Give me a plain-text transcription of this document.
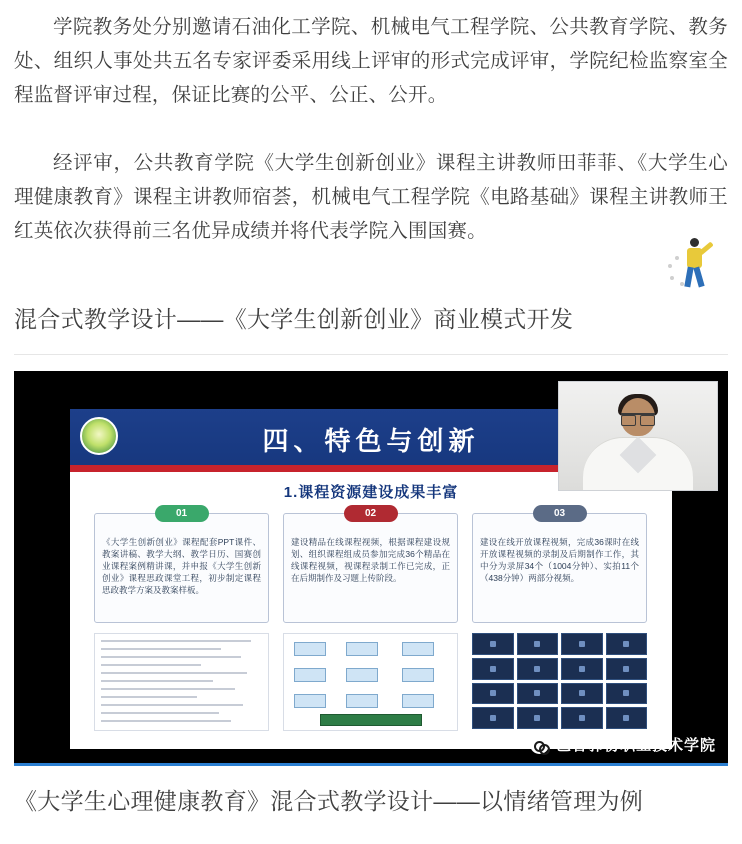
学院教务处分别邀请石油化工学院、机械电气工程学院、公共教育学院、教务处、组织人事处共五名专家评委采用线上评审的形式完成评审，学院纪检监察室全程监督评审过程，保证比赛的公平、公正、公开。

经评审，公共教育学院《大学生创新创业》课程主讲教师田菲菲、《大学生心理健康教育》课程主讲教师宿荟，机械电气工程学院《电路基础》课程主讲教师王红英依次获得前三名优异成绩并将代表学院入围国赛。

混合式教学设计——《大学生创新创业》商业模式开发
四、特色与创新
1.课程资源建设成果丰富
01
《大学生创新创业》课程配套PPT课件、教案讲稿、教学大纲、教学日历、国赛创业课程案例精讲课，并申报《大学生创新创业》课程思政课堂工程，初步制定课程思政教学方案及教案样板。
02
建设精品在线课程视频，根据课程建设规划、组织课程组成员参加完成36个精品在线课程视频，视课程录制工作已完成，正在后期制作及习题上传阶段。
03
建设在线开放课程视频，完成36课时在线开放课程视频的录制及后期制作工作，其中分为录屏34个（1004分钟）、实拍11个（438分钟）两部分视频。
巴音郭楞职业技术学院
《大学生心理健康教育》混合式教学设计——以情绪管理为例
